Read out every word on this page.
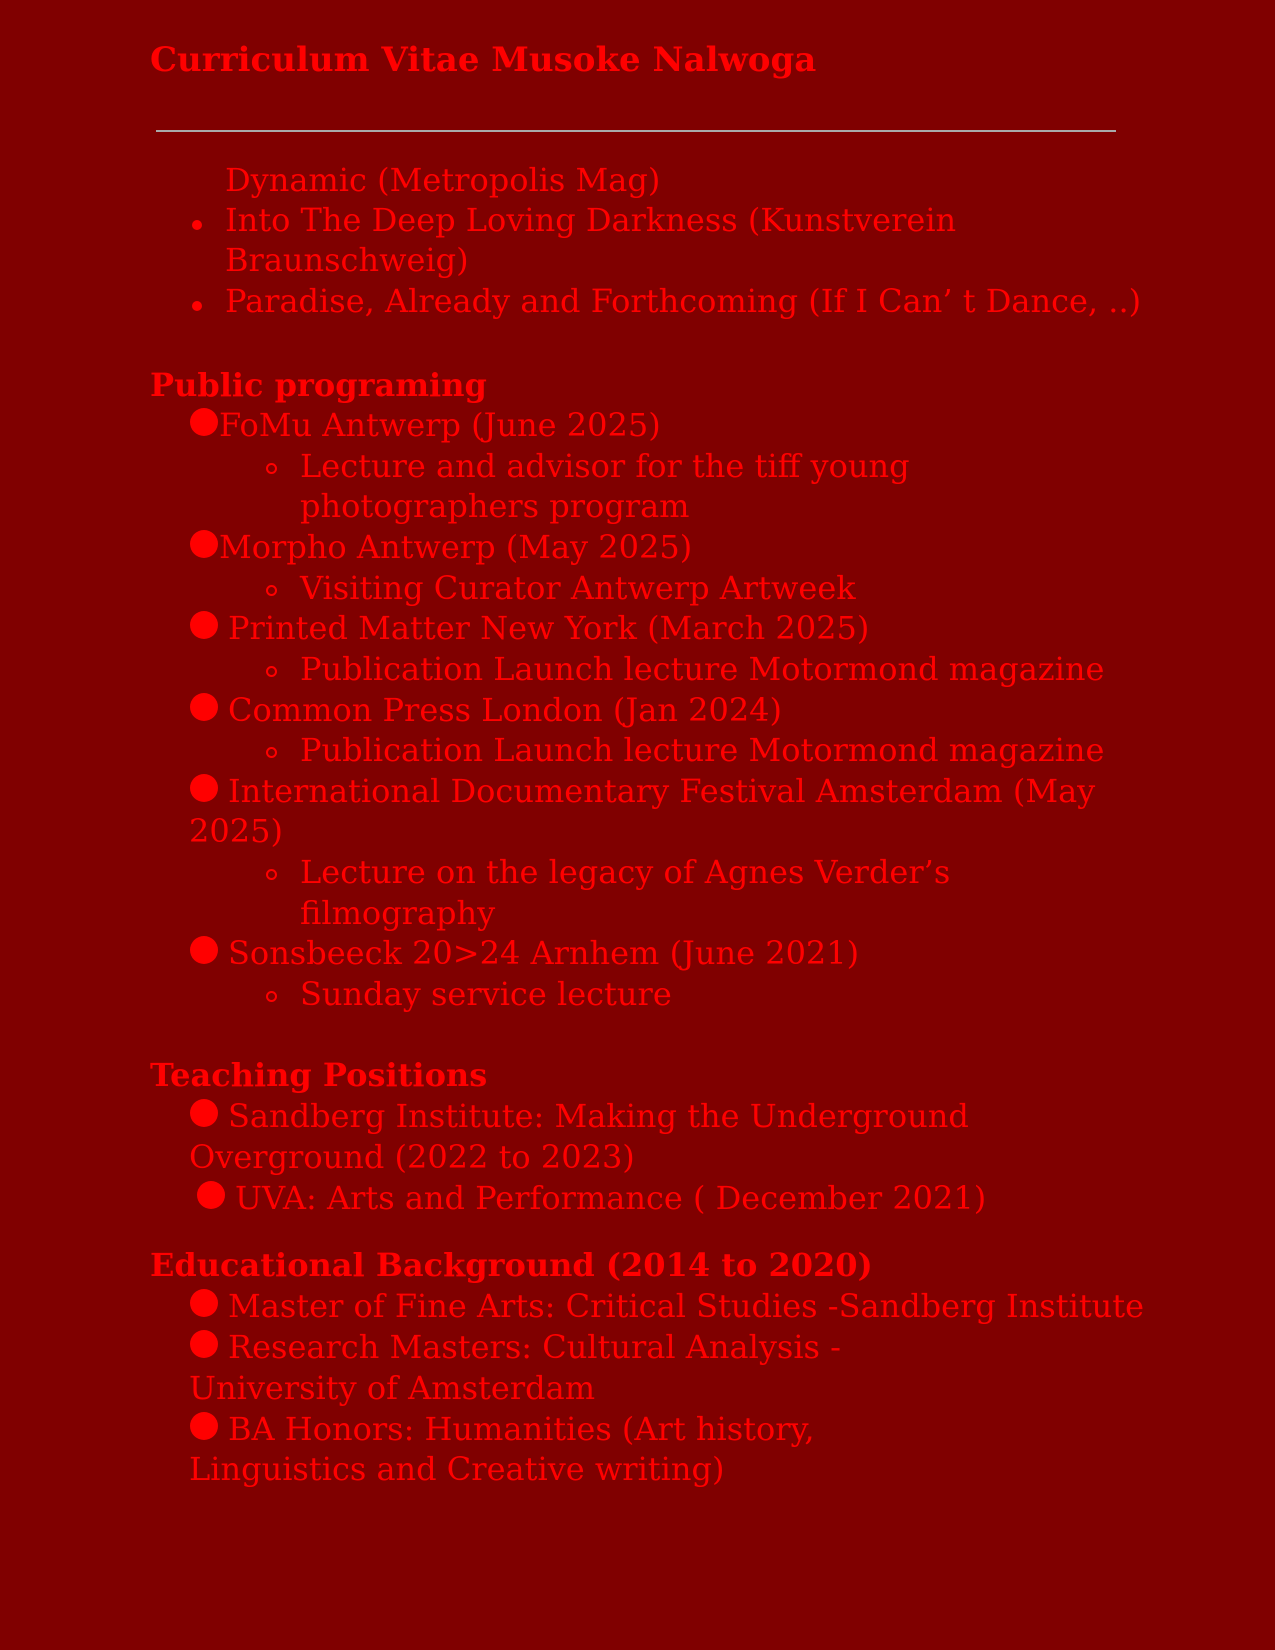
Curriculum Vitae Musoke Nalwoga
Dynamic (Metropolis Mag)
Into The Deep Loving Darkness (Kunstverein
Braunschweig)
Paradise, Already and Forthcoming (If I Can’ t Dance, ..)
Public programing
FoMu Antwerp (June 2025)
Lecture and advisor for the tiff young
photographers program
Morpho Antwerp (May 2025)
Visiting Curator Antwerp Artweek
Printed Matter New York (March 2025)
Publication Launch lecture Motormond magazine
Common Press London (Jan 2024)
Publication Launch lecture Motormond magazine
International Documentary Festival Amsterdam (May
2025)
Lecture on the legacy of Agnes Verder’s
filmography
Sonsbeeck 20>24 Arnhem (June 2021)
Sunday service lecture
Teaching Positions
Sandberg Institute: Making the Underground
Overground (2022 to 2023)
UVA: Arts and Performance ( December 2021)
Educational Background (2014 to 2020)
Master of Fine Arts: Critical Studies -Sandberg Institute
Research Masters: Cultural Analysis -
University of Amsterdam
BA Honors: Humanities (Art history,
Linguistics and Creative writing)
